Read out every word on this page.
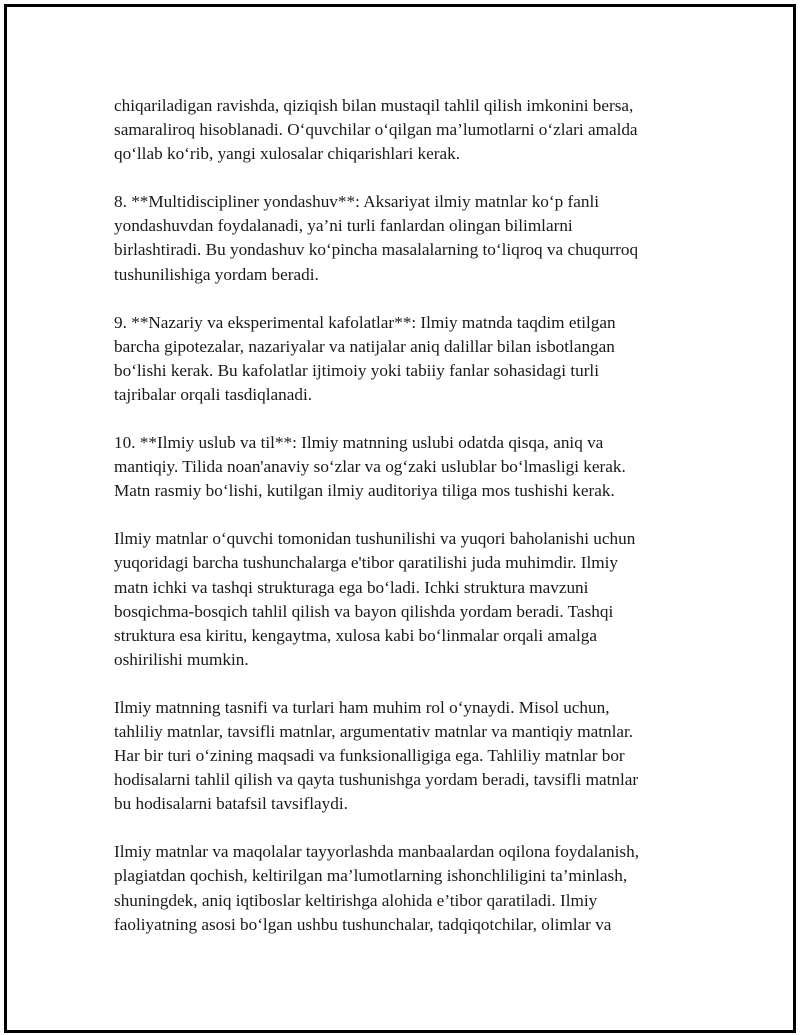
chiqariladigan ravishda, qiziqish bilan mustaqil tahlil qilish imkonini bersa,
samaraliroq hisoblanadi. O‘quvchilar o‘qilgan ma’lumotlarni o‘zlari amalda
qo‘llab ko‘rib, yangi xulosalar chiqarishlari kerak.

8. **Multidiscipliner yondashuv**: Aksariyat ilmiy matnlar ko‘p fanli
yondashuvdan foydalanadi, ya’ni turli fanlardan olingan bilimlarni
birlashtiradi. Bu yondashuv ko‘pincha masalalarning to‘liqroq va chuqurroq
tushunilishiga yordam beradi.

9. **Nazariy va eksperimental kafolatlar**: Ilmiy matnda taqdim etilgan
barcha gipotezalar, nazariyalar va natijalar aniq dalillar bilan isbotlangan
bo‘lishi kerak. Bu kafolatlar ijtimoiy yoki tabiiy fanlar sohasidagi turli
tajribalar orqali tasdiqlanadi.

10. **Ilmiy uslub va til**: Ilmiy matnning uslubi odatda qisqa, aniq va
mantiqiy. Tilida noan'anaviy so‘zlar va og‘zaki uslublar bo‘lmasligi kerak.
Matn rasmiy bo‘lishi, kutilgan ilmiy auditoriya tiliga mos tushishi kerak.

Ilmiy matnlar o‘quvchi tomonidan tushunilishi va yuqori baholanishi uchun
yuqoridagi barcha tushunchalarga e'tibor qaratilishi juda muhimdir. Ilmiy
matn ichki va tashqi strukturaga ega bo‘ladi. Ichki struktura mavzuni
bosqichma-bosqich tahlil qilish va bayon qilishda yordam beradi. Tashqi
struktura esa kiritu, kengaytma, xulosa kabi bo‘linmalar orqali amalga
oshirilishi mumkin.

Ilmiy matnning tasnifi va turlari ham muhim rol o‘ynaydi. Misol uchun,
tahliliy matnlar, tavsifli matnlar, argumentativ matnlar va mantiqiy matnlar.
Har bir turi o‘zining maqsadi va funksionalligiga ega. Tahliliy matnlar bor
hodisalarni tahlil qilish va qayta tushunishga yordam beradi, tavsifli matnlar
bu hodisalarni batafsil tavsiflaydi.

Ilmiy matnlar va maqolalar tayyorlashda manbaalardan oqilona foydalanish,
plagiatdan qochish, keltirilgan ma’lumotlarning ishonchliligini ta’minlash,
shuningdek, aniq iqtiboslar keltirishga alohida e’tibor qaratiladi. Ilmiy
faoliyatning asosi bo‘lgan ushbu tushunchalar, tadqiqotchilar, olimlar va
